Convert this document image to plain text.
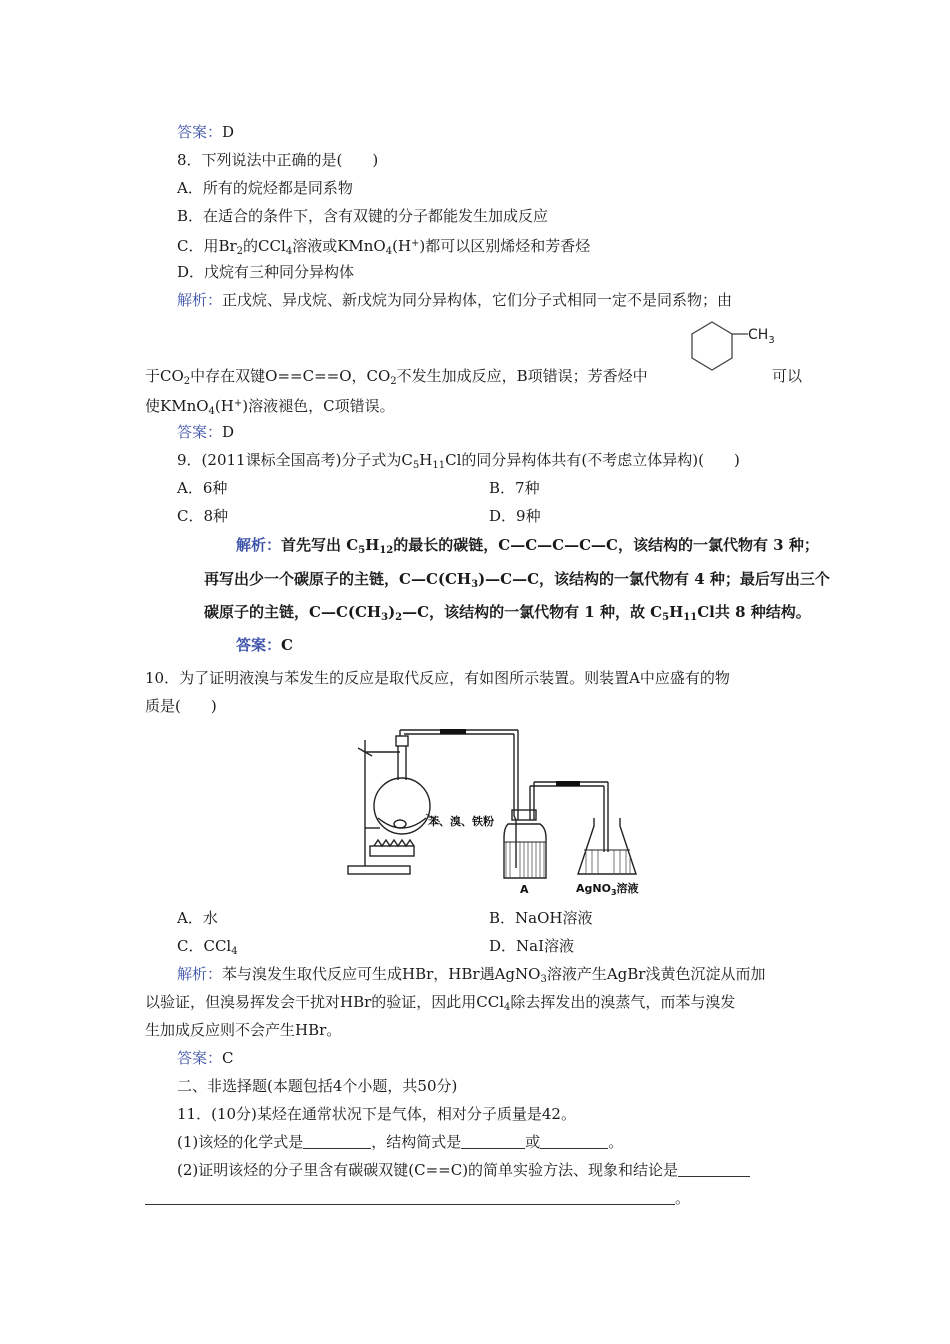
答案：D
8．下列说法中正确的是(　　)
A．所有的烷烃都是同系物
B．在适合的条件下，含有双键的分子都能发生加成反应
C．用$Br_2$的CCl$_4$溶液或KMnO$_4$(H+)都可以区别烯烃和芳香烃
D．戊烷有三种同分异构体
解析：正戊烷、异戊烷、新戊烷为同分异构体，它们分子式相同一定不是同系物；由
$CH_3$
于$CO_2$中存在双键O==C==O，$CO_2$不发生加成反应，B项错误；芳香烃中	可以
使KMnO$_4$(H+)溶液褪色，C项错误。
答案：D
9．(2011课标全国高考)分子式为$C_5H_{11}Cl$的同分异构体共有(不考虑立体异构)(　　)
A．6种	B．7种
C．8种	D．9种
解析：首先写出 $C_5H_{12}$的最长的碳链，C—C—C—C—C，该结构的一氯代物有 3 种；
再写出少一个碳原子的主链，$C—C(CH_3)—C—C$，该结构的一氯代物有 4 种；最后写出三个
碳原子的主链，$C—C(CH_3)_2—C$，该结构的一氯代物有 1 种，故 $C_5H_{11}Cl$共 8 种结构。
答案：C
10．为了证明液溴与苯发生的反应是取代反应，有如图所示装置。则装置A中应盛有的物
质是(　　)
苯、溴、铁粉
A	AgNO$_3$溶液
A．水	B．NaOH溶液
C．CCl$_4$	D．NaI溶液
解析：苯与溴发生取代反应可生成HBr，HBr遇AgNO$_3$溶液产生AgBr浅黄色沉淀从而加
以验证，但溴易挥发会干扰对HBr的验证，因此用CCl$_4$除去挥发出的溴蒸气，而苯与溴发
生加成反应则不会产生HBr。
答案：C
二、非选择题(本题包括4个小题，共50分)
11．(10分)某烃在通常状况下是气体，相对分子质量是42。
(1)该烃的化学式是	，结构简式是	或	。
(2)证明该烃的分子里含有碳碳双键(C==C)的简单实验方法、现象和结论是
。
